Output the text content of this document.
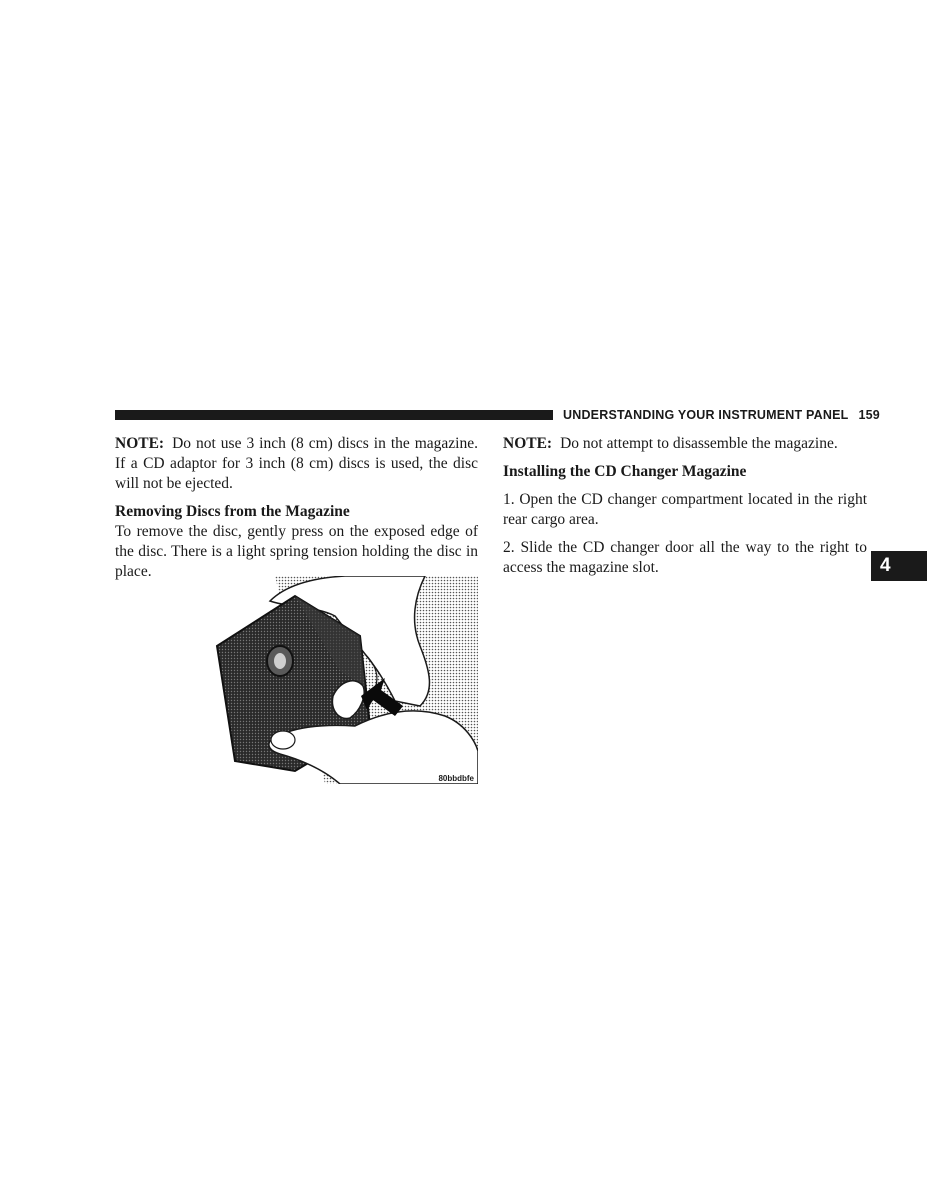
UNDERSTANDING YOUR INSTRUMENT PANEL 159

NOTE: Do not use 3 inch (8 cm) discs in the magazine. If a CD adaptor for 3 inch (8 cm) discs is used, the disc will not be ejected.

Removing Discs from the Magazine

To remove the disc, gently press on the exposed edge of the disc. There is a light spring tension holding the disc in place.

80bbdbfe

NOTE: Do not attempt to disassemble the magazine.

Installing the CD Changer Magazine

1. Open the CD changer compartment located in the right rear cargo area.

2. Slide the CD changer door all the way to the right to access the magazine slot.	4
